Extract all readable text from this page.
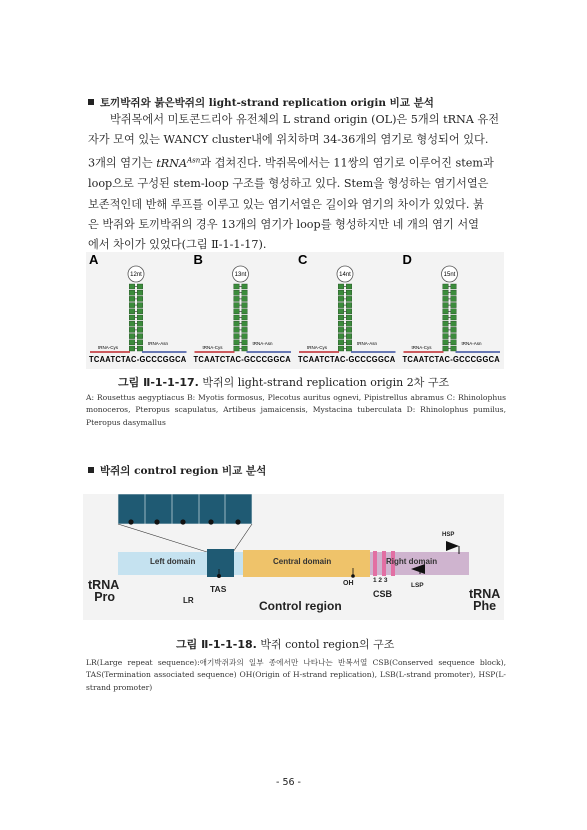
토끼박쥐와 붉은박쥐의 light-strand replication origin 비교 분석

박쥐목에서 미토콘드리아 유전체의 L strand origin (OL)은 5개의 tRNA 유전

자가 모여 있는 WANCY cluster내에 위치하며 34-36개의 염기로 형성되어 있다.

3개의 염기는 tRNA$^{Asn}$과 겹쳐진다. 박쥐목에서는 11쌍의 염기로 이루어진 stem과

loop으로 구성된 stem-loop 구조를 형성하고 있다. Stem을 형성하는 염기서열은

보존적인데 반해 루프를 이루고 있는 염기서열은 길이와 염기의 차이가 있었다. 붉

은 박쥐와 토끼박쥐의 경우 13개의 염기가 loop를 형성하지만 네 개의 염기 서열

에서 차이가 있었다(그림 Ⅱ-1-1-17).

A
12nt
tRNA-Cys
tRNA-Asn
TCAATCTAC-GCCCGGCA
B
13nt
tRNA-Cys
tRNA-Asn
TCAATCTAC-GCCCGGCA
C
14nt
tRNA-Cys
tRNA-Asn
TCAATCTAC-GCCCGGCA
D
15nt
tRNA-Cys
tRNA-Asn
TCAATCTAC-GCCCGGCA
그림 Ⅱ-1-1-17. 박쥐의 light-strand replication origin 2차 구조
A: Rousettus aegyptiacus B: Myotis formosus, Plecotus auritus ognevi, Pipistrellus abramus C: Rhinolophus monoceros, Pteropus scapulatus, Artibeus jamaicensis, Mystacina tuberculata D: Rhinolophus pumilus, Pteropus dasymallus
박쥐의 control region 비교 분석
Left domain	Central domain	Right domain
TAS
LR
OH	1 2 3
CSB
LSP
HSP
tRNA
Pro	tRNA
Phe
Control region
그림 Ⅱ-1-1-18. 박쥐 contol region의 구조
LR(Large repeat sequence):애기박쥐과의 일부 종에서만 나타나는 반복서열 CSB(Conserved sequence block), TAS(Termination associated sequence) OH(Origin of H-strand replication), LSB(L-strand promoter), HSP(L-strand promoter)
- 56 -
